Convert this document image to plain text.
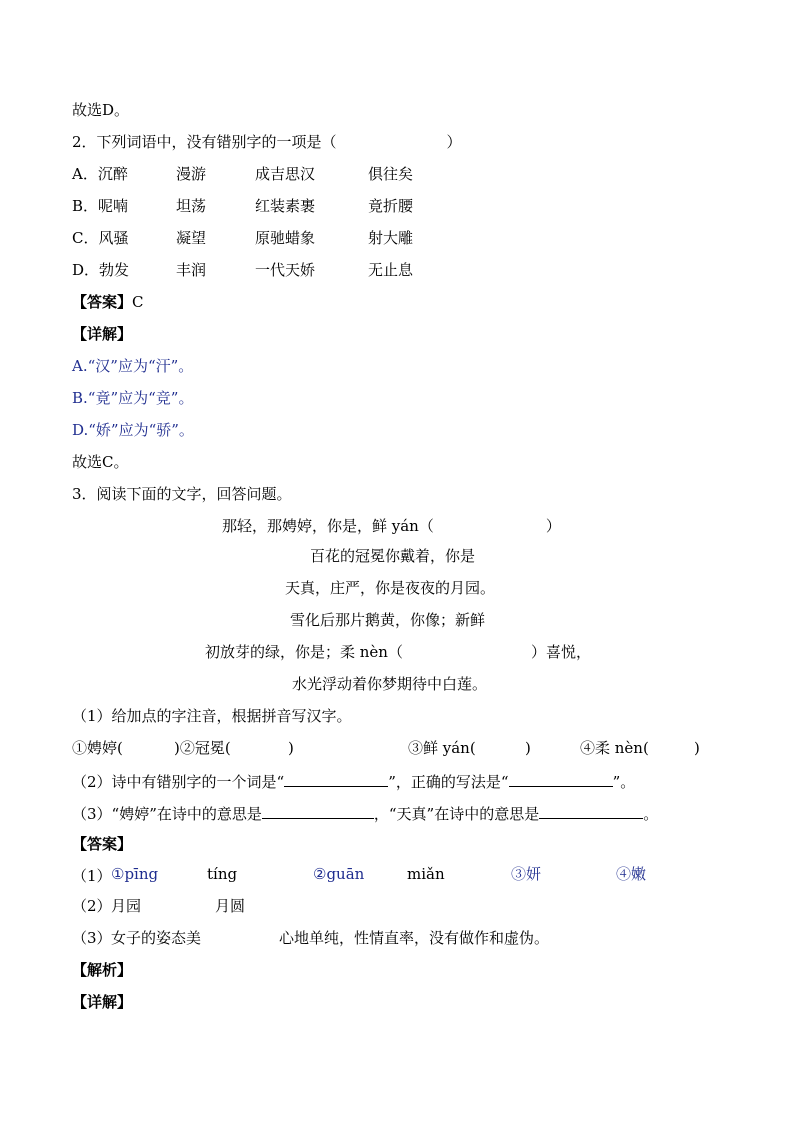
故选D。
2．下列词语中，没有错别字的一项是（	）
A．沉醉	漫游	成吉思汉	俱往矣
B．呢喃	坦荡	红装素裹	竟折腰
C．风骚	凝望	原驰蜡象	射大雕
D．勃发	丰润	一代天娇	无止息
【答案】C
【详解】
A.“汉”应为“汗”。
B.“竟”应为“竞”。
D.“娇”应为“骄”。
故选C。
3．阅读下面的文字，回答问题。
那轻，那娉婷，你是，鲜 yán（	）
百花的冠冕你戴着，你是
天真，庄严，你是夜夜的月园。
雪化后那片鹅黄，你像；新鲜
初放芽的绿，你是；柔 nèn（	）喜悦，
水光浮动着你梦期待中白莲。
（1）给加点的字注音，根据拼音写汉字。
①娉婷(	)②冠冕(	)	③鲜 yán(	)	④柔 nèn(	)
（2）诗中有错别字的一个词是“	”，正确的写法是“	”。
（3）“娉婷”在诗中的意思是	，“天真”在诗中的意思是	。
【答案】
（1） ①pīng	tíng	②guān	miǎn	③妍	④嫩
（2） 月园	月圆
（3） 女子的姿态美	心地单纯，性情直率，没有做作和虚伪。
【解析】
【详解】
